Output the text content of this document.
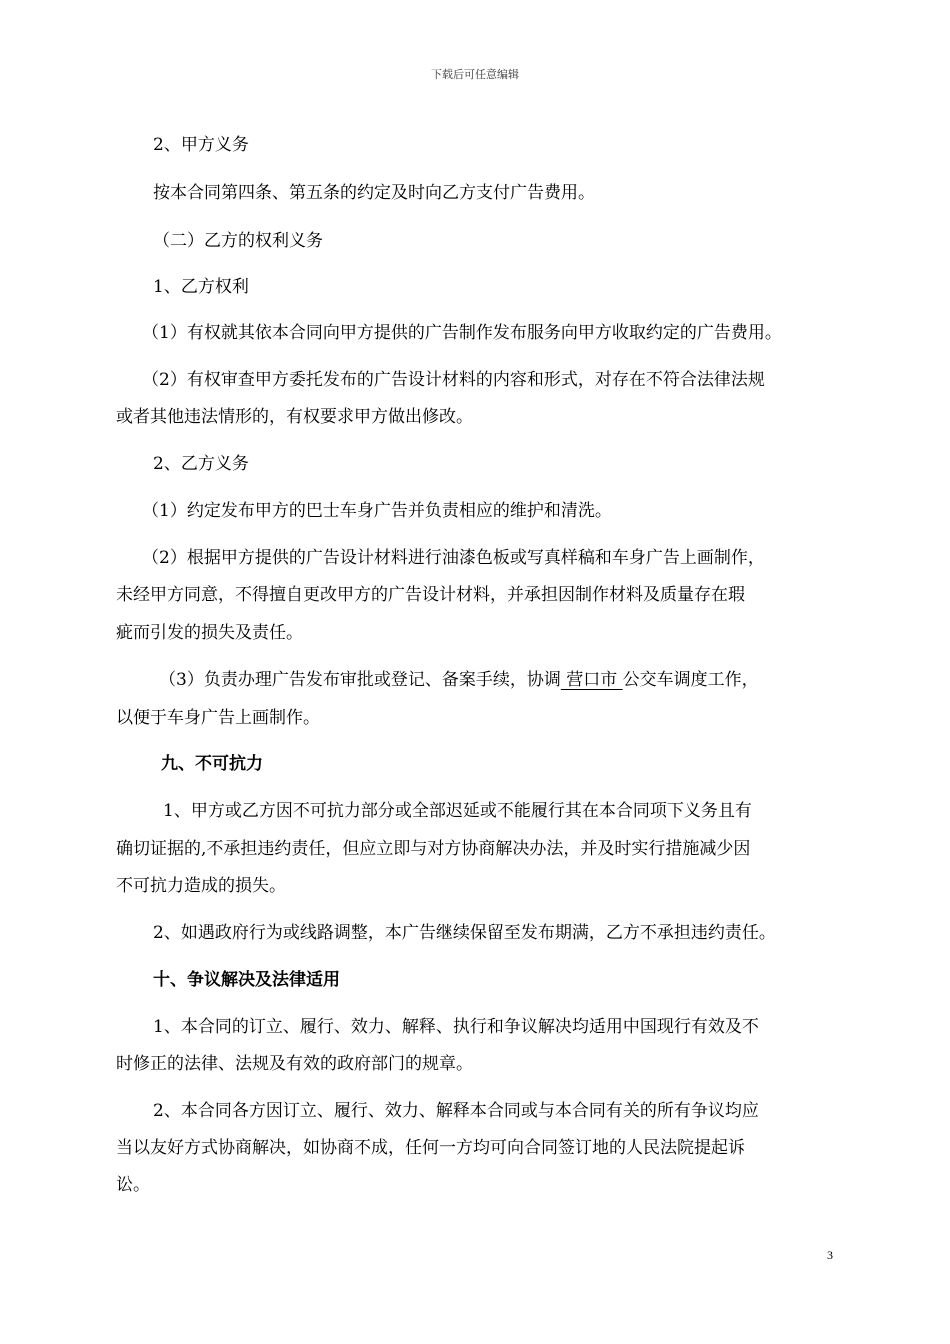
下载后可任意编辑
2、甲方义务
按本合同第四条、第五条的约定及时向乙方支付广告费用。
（二）乙方的权利义务
1、乙方权利
（1）有权就其依本合同向甲方提供的广告制作发布服务向甲方收取约定的广告费用。
（2）有权审查甲方委托发布的广告设计材料的内容和形式，对存在不符合法律法规
或者其他违法情形的，有权要求甲方做出修改。
2、乙方义务
（1）约定发布甲方的巴士车身广告并负责相应的维护和清洗。
（2）根据甲方提供的广告设计材料进行油漆色板或写真样稿和车身广告上画制作，
未经甲方同意，不得擅自更改甲方的广告设计材料，并承担因制作材料及质量存在瑕
疵而引发的损失及责任。
（3）负责办理广告发布审批或登记、备案手续，协调 营口市 公交车调度工作，
以便于车身广告上画制作。
九、不可抗力
1、甲方或乙方因不可抗力部分或全部迟延或不能履行其在本合同项下义务且有
确切证据的,不承担违约责任，但应立即与对方协商解决办法，并及时实行措施减少因
不可抗力造成的损失。
2、如遇政府行为或线路调整，本广告继续保留至发布期满，乙方不承担违约责任。
十、争议解决及法律适用
1、本合同的订立、履行、效力、解释、执行和争议解决均适用中国现行有效及不
时修正的法律、法规及有效的政府部门的规章。
2、本合同各方因订立、履行、效力、解释本合同或与本合同有关的所有争议均应
当以友好方式协商解决，如协商不成，任何一方均可向合同签订地的人民法院提起诉
讼。
3
